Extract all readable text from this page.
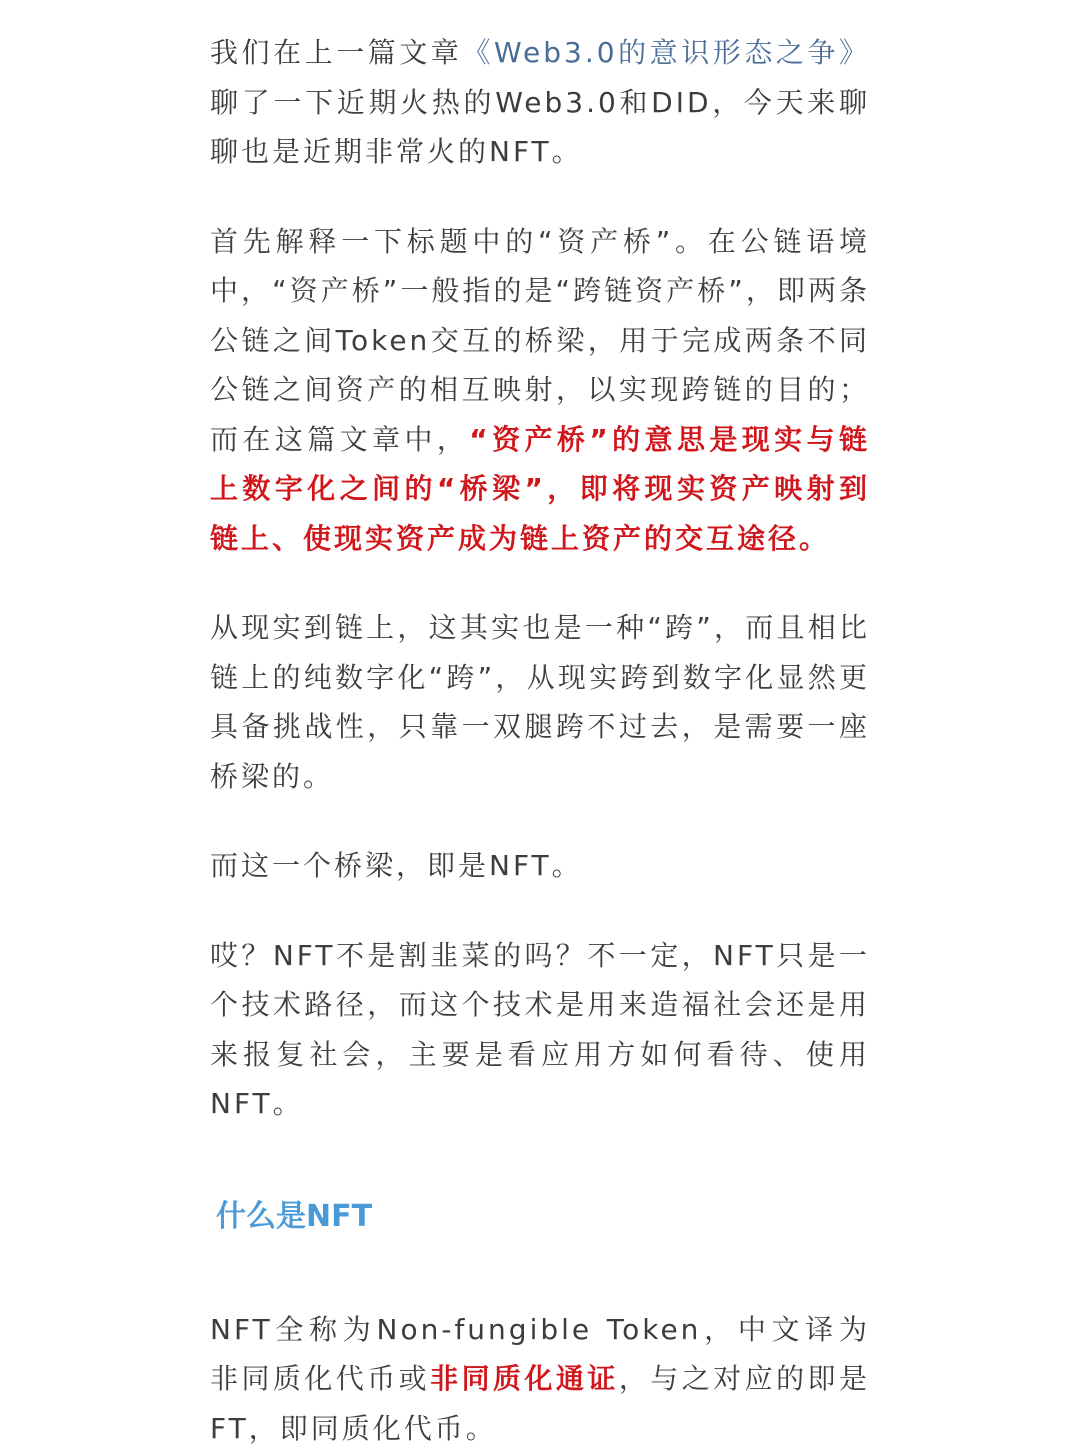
我们在上一篇文章《Web3.0的意识形态之争》聊了一下近期火热的Web3.0和DID，今天来聊聊也是近期非常火的NFT。

首先解释一下标题中的“资产桥”。在公链语境中，“资产桥”一般指的是“跨链资产桥”，即两条公链之间Token交互的桥梁，用于完成两条不同公链之间资产的相互映射，以实现跨链的目的；而在这篇文章中，“资产桥”的意思是现实与链上数字化之间的“桥梁”，即将现实资产映射到链上、使现实资产成为链上资产的交互途径。

从现实到链上，这其实也是一种“跨”，而且相比链上的纯数字化“跨”，从现实跨到数字化显然更具备挑战性，只靠一双腿跨不过去，是需要一座桥梁的。

而这一个桥梁，即是NFT。

哎？NFT不是割韭菜的吗？不一定，NFT只是一个技术路径，而这个技术是用来造福社会还是用来报复社会，主要是看应用方如何看待、使用NFT。

什么是NFT

NFT全称为Non-fungible Token，中文译为非同质化代币或非同质化通证，与之对应的即是FT，即同质化代币。
